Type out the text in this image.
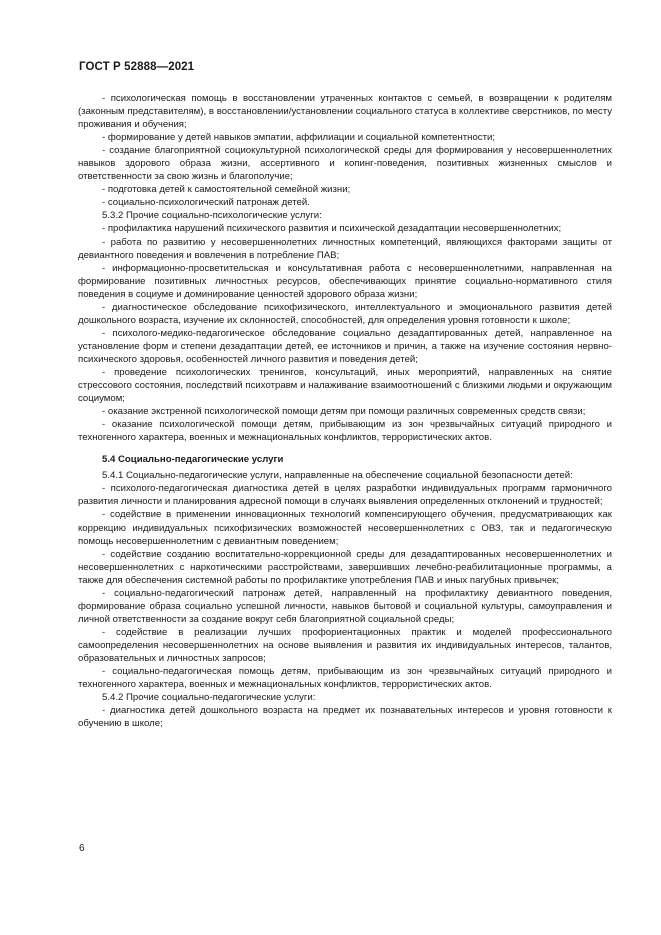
ГОСТ Р 52888—2021

- психологическая помощь в восстановлении утраченных контактов с семьей, в возвращении к родителям (законным представителям), в восстановлении/установлении социального статуса в коллективе сверстников, по месту проживания и обучения;

- формирование у детей навыков эмпатии, аффилиации и социальной компетентности;

- создание благоприятной социокультурной психологической среды для формирования у несовершеннолетних навыков здорового образа жизни, ассертивного и копинг-поведения, позитивных жизненных смыслов и ответственности за свою жизнь и благополучие;

- подготовка детей к самостоятельной семейной жизни;

- социально-психологический патронаж детей.

5.3.2 Прочие социально-психологические услуги:

- профилактика нарушений психического развития и психической дезадаптации несовершеннолетних;

- работа по развитию у несовершеннолетних личностных компетенций, являющихся факторами защиты от девиантного поведения и вовлечения в потребление ПАВ;

- информационно-просветительская и консультативная работа с несовершеннолетними, направленная на формирование позитивных личностных ресурсов, обеспечивающих принятие социально-нормативного стиля поведения в социуме и доминирование ценностей здорового образа жизни;

- диагностическое обследование психофизического, интеллектуального и эмоционального развития детей дошкольного возраста, изучение их склонностей, способностей, для определения уровня готовности к школе;

- психолого-медико-педагогическое обследование социально дезадаптированных детей, направленное на установление форм и степени дезадаптации детей, ее источников и причин, а также на изучение состояния нервно-психического здоровья, особенностей личного развития и поведения детей;

- проведение психологических тренингов, консультаций, иных мероприятий, направленных на снятие стрессового состояния, последствий психотравм и налаживание взаимоотношений с близкими людьми и окружающим социумом;

- оказание экстренной психологической помощи детям при помощи различных современных средств связи;

- оказание психологической помощи детям, прибывающим из зон чрезвычайных ситуаций природного и техногенного характера, военных и межнациональных конфликтов, террористических актов.

5.4 Социально-педагогические услуги

5.4.1 Социально-педагогические услуги, направленные на обеспечение социальной безопасности детей:

- психолого-педагогическая диагностика детей в целях разработки индивидуальных программ гармоничного развития личности и планирования адресной помощи в случаях выявления определенных отклонений и трудностей;

- содействие в применении инновационных технологий компенсирующего обучения, предусматривающих как коррекцию индивидуальных психофизических возможностей несовершеннолетних с ОВЗ, так и педагогическую помощь несовершеннолетним с девиантным поведением;

- содействие созданию воспитательно-коррекционной среды для дезадаптированных несовершеннолетних и несовершеннолетних с наркотическими расстройствами, завершивших лечебно-реабилитационные программы, а также для обеспечения системной работы по профилактике употребления ПАВ и иных пагубных привычек;

- социально-педагогический патронаж детей, направленный на профилактику девиантного поведения, формирование образа социально успешной личности, навыков бытовой и социальной культуры, самоуправления и личной ответственности за создание вокруг себя благоприятной социальной среды;

- содействие в реализации лучших профориентационных практик и моделей профессионального самоопределения несовершеннолетних на основе выявления и развития их индивидуальных интересов, талантов, образовательных и личностных запросов;

- социально-педагогическая помощь детям, прибывающим из зон чрезвычайных ситуаций природного и техногенного характера, военных и межнациональных конфликтов, террористических актов.

5.4.2 Прочие социально-педагогические услуги:

- диагностика детей дошкольного возраста на предмет их познавательных интересов и уровня готовности к обучению в школе;

6
